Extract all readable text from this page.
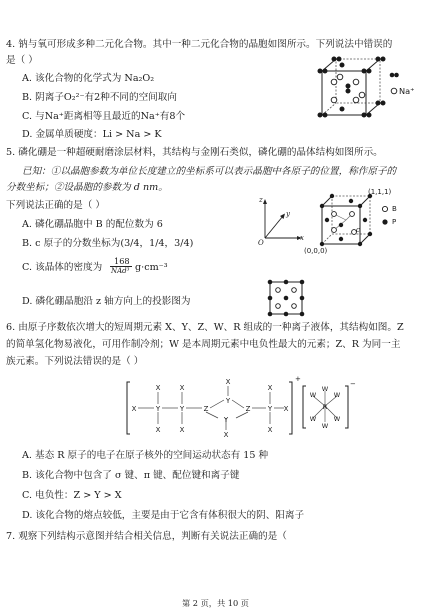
4. 钠与氧可形成多种二元化合物。其中一种二元化合物的晶胞如图所示。下列说法中错误的
是（ ）
A. 该化合物的化学式为 Na₂O₂
B. 阴离子O₂²⁻有2种不同的空间取向
C. 与Na⁺距离相等且最近的Na⁺有8个
D. 金属单质硬度：Li > Na > K
Na⁺
5. 磷化硼是一种超硬耐磨涂层材料，其结构与金刚石类似，磷化硼的晶体结构如图所示。
已知：①以晶胞参数为单位长度建立的坐标系可以表示晶胞中各原子的位置，称作原子的
分数坐标；②设晶胞的参数为 d nm。
下列说法正确的是（ ）
A. 磷化硼晶胞中 B 的配位数为 6
B. c 原子的分数坐标为(3/4，1/4，3/4)
C. 该晶体的密度为
168
NAd³ g·cm⁻³
D. 磷化硼晶胞沿 z 轴方向上的投影图为
z
y
x
O
(1,1,1)
(0,0,0)
c
B
P
6. 由原子序数依次增大的短周期元素 X、Y、Z、W、R 组成的一种离子液体，其结构如图。Z
的简单氢化物易液化，可用作制冷剂；W 是本周期元素中电负性最大的元素；Z、R 为同一主
族元素。下列说法错误的是（ ）
X	Y	Y	Z
Y
Z Y X
X
X
X
X
X
X
X
Y
X
+
R
W	W
W	W
W
W
−
A. 基态 R 原子的电子在原子核外的空间运动状态有 15 种
B. 该化合物中包含了 σ 键、π 键、配位键和离子键
C. 电负性：Z > Y > X
D. 该化合物的熔点较低，主要是由于它含有体积很大的阴、阳离子
7. 观察下列结构示意图并结合相关信息，判断有关说法正确的是（
第 2 页，共 10 页
